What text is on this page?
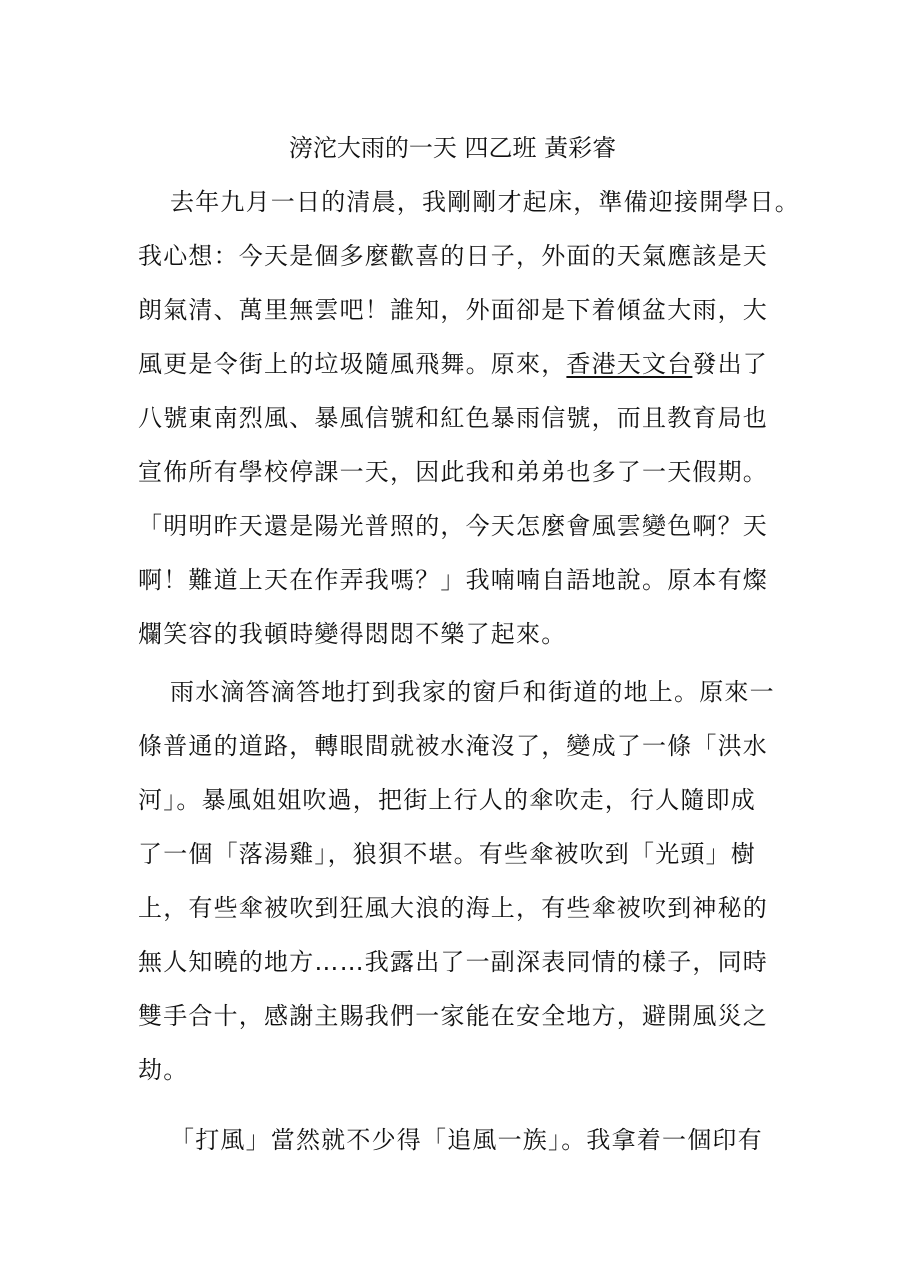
滂沱大雨的一天 四乙班 黃彩睿
去年九月一日的清晨，我剛剛才起床，準備迎接開學日。
我心想：今天是個多麼歡喜的日子，外面的天氣應該是天
朗氣清、萬里無雲吧！誰知，外面卻是下着傾盆大雨，大
風更是令街上的垃圾隨風飛舞。原來，香港天文台發出了
八號東南烈風、暴風信號和紅色暴雨信號，而且教育局也
宣佈所有學校停課一天，因此我和弟弟也多了一天假期。
「明明昨天還是陽光普照的，今天怎麼會風雲變色啊？天
啊！難道上天在作弄我嗎？」我喃喃自語地說。原本有燦
爛笑容的我頓時變得悶悶不樂了起來。
雨水滴答滴答地打到我家的窗戶和街道的地上。原來一
條普通的道路，轉眼間就被水淹沒了，變成了一條「洪水
河」。暴風姐姐吹過，把街上行人的傘吹走，行人隨即成
了一個「落湯雞」，狼狽不堪。有些傘被吹到「光頭」樹
上，有些傘被吹到狂風大浪的海上，有些傘被吹到神秘的
無人知曉的地方……我露出了一副深表同情的樣子，同時
雙手合十，感謝主賜我們一家能在安全地方，避開風災之
劫。
「打風」當然就不少得「追風一族」。我拿着一個印有
